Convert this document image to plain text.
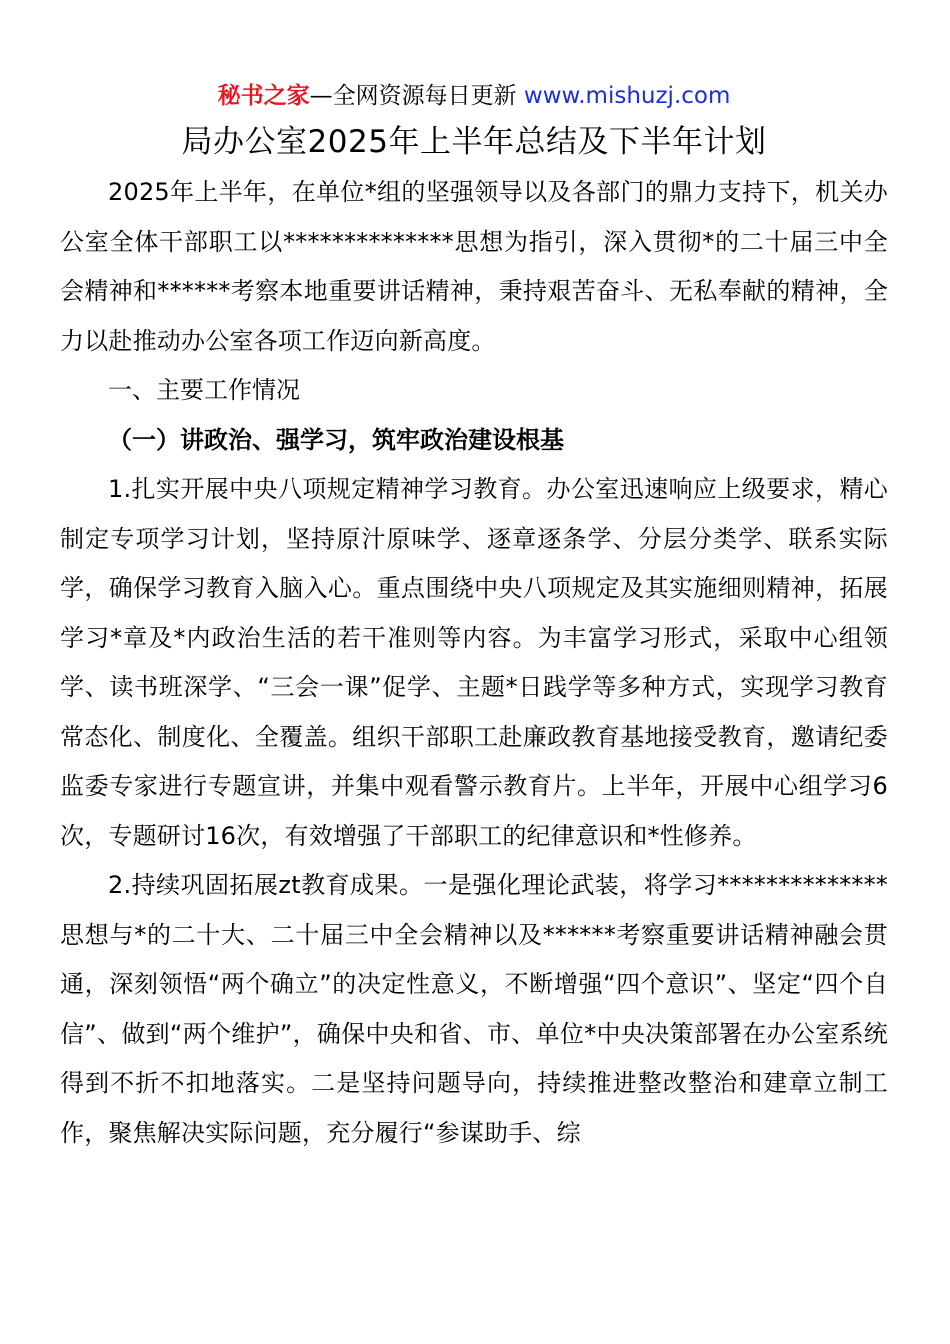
秘书之家—全网资源每日更新 www.mishuzj.com
局办公室2025年上半年总结及下半年计划

2025年上半年，在单位*组的坚强领导以及各部门的鼎力支持下，机关办公室全体干部职工以**************思想为指引，深入贯彻*的二十届三中全会精神和******考察本地重要讲话精神，秉持艰苦奋斗、无私奉献的精神，全力以赴推动办公室各项工作迈向新高度。

一、主要工作情况

（一）讲政治、强学习，筑牢政治建设根基

1.扎实开展中央八项规定精神学习教育。办公室迅速响应上级要求，精心制定专项学习计划，坚持原汁原味学、逐章逐条学、分层分类学、联系实际学，确保学习教育入脑入心。重点围绕中央八项规定及其实施细则精神，拓展学习*章及*内政治生活的若干准则等内容。为丰富学习形式，采取中心组领学、读书班深学、“三会一课”促学、主题*日践学等多种方式，实现学习教育常态化、制度化、全覆盖。组织干部职工赴廉政教育基地接受教育，邀请纪委监委专家进行专题宣讲，并集中观看警示教育片。上半年，开展中心组学习6次，专题研讨16次，有效增强了干部职工的纪律意识和*性修养。

2.持续巩固拓展zt教育成果。一是强化理论武装，将学习**************思想与*的二十大、二十届三中全会精神以及******考察重要讲话精神融会贯通，深刻领悟“两个确立”的决定性意义，不断增强“四个意识”、坚定“四个自信”、做到“两个维护”，确保中央和省、市、单位*中央决策部署在办公室系统得到不折不扣地落实。二是坚持问题导向，持续推进整改整治和建章立制工作，聚焦解决实际问题，充分履行“参谋助手、综
